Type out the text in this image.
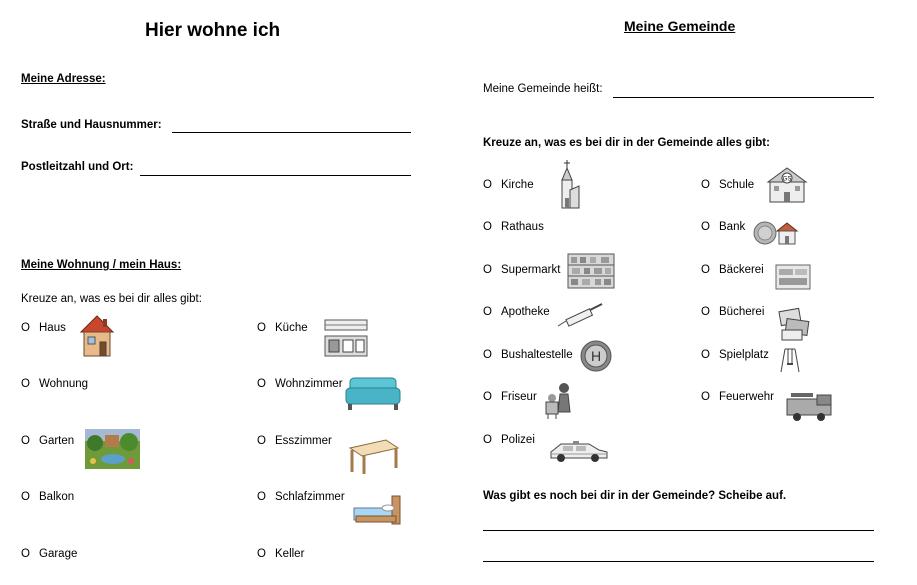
Hier wohne ich
Meine Adresse:
Straße und Hausnummer:
Postleitzahl und Ort:
Meine Wohnung / mein Haus:
Kreuze an, was es bei dir alles gibt:
O Haus	O Küche
O Wohnung	O Wohnzimmer
O Garten	O Esszimmer
O Balkon	O Schlafzimmer
O Garage	O Keller
Meine Gemeinde
Meine Gemeinde heißt:
Kreuze an, was es bei dir in der Gemeinde alles gibt:
O Kirche	O Schule
O Rathaus	O Bank
O Supermarkt	O Bäckerei
O Apotheke	O Bücherei
O Bushaltestelle	O Spielplatz
O Friseur	O Feuerwehr
O Polizei
GS
H
Was gibt es noch bei dir in der Gemeinde? Scheibe auf.
